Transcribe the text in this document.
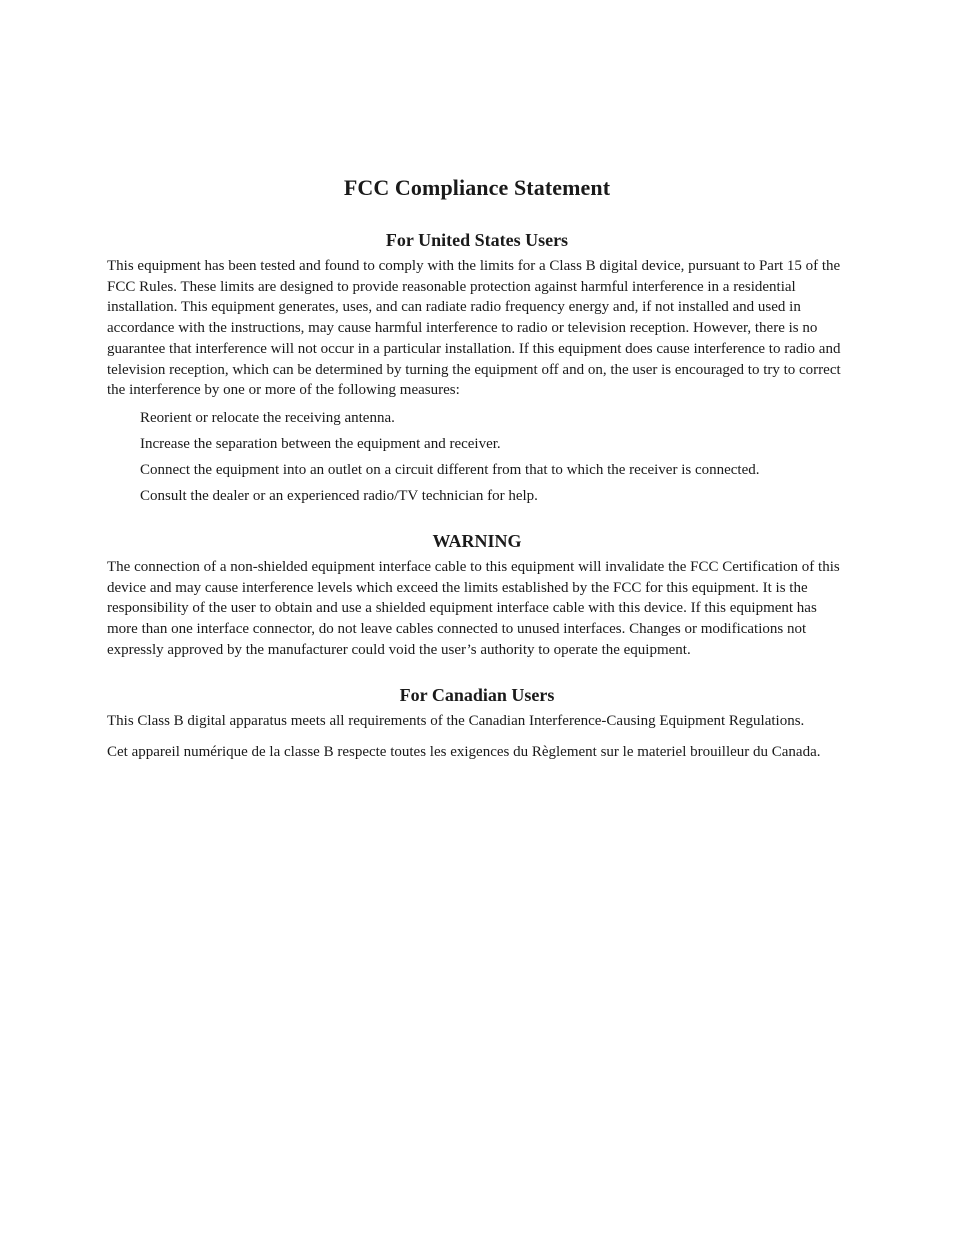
FCC Compliance Statement
For United States Users

This equipment has been tested and found to comply with the limits for a Class B digital device, pursuant to Part 15 of the FCC Rules. These limits are designed to provide reasonable protection against harmful interference in a residential installation. This equipment generates, uses, and can radiate radio frequency energy and, if not installed and used in accordance with the instructions, may cause harmful interference to radio or television reception. However, there is no guarantee that interference will not occur in a particular installation. If this equipment does cause interference to radio and television reception, which can be determined by turning the equipment off and on, the user is encouraged to try to correct the interference by one or more of the following measures:

Reorient or relocate the receiving antenna.
Increase the separation between the equipment and receiver.
Connect the equipment into an outlet on a circuit different from that to which the receiver is connected.
Consult the dealer or an experienced radio/TV technician for help.
WARNING

The connection of a non-shielded equipment interface cable to this equipment will invalidate the FCC Certification of this device and may cause interference levels which exceed the limits established by the FCC for this equipment. It is the responsibility of the user to obtain and use a shielded equipment interface cable with this device. If this equipment has more than one interface connector, do not leave cables connected to unused interfaces. Changes or modifications not expressly approved by the manufacturer could void the user’s authority to operate the equipment.

For Canadian Users

This Class B digital apparatus meets all requirements of the Canadian Interference-Causing Equipment Regulations.

Cet appareil numérique de la classe B respecte toutes les exigences du Règlement sur le materiel brouilleur du Canada.
